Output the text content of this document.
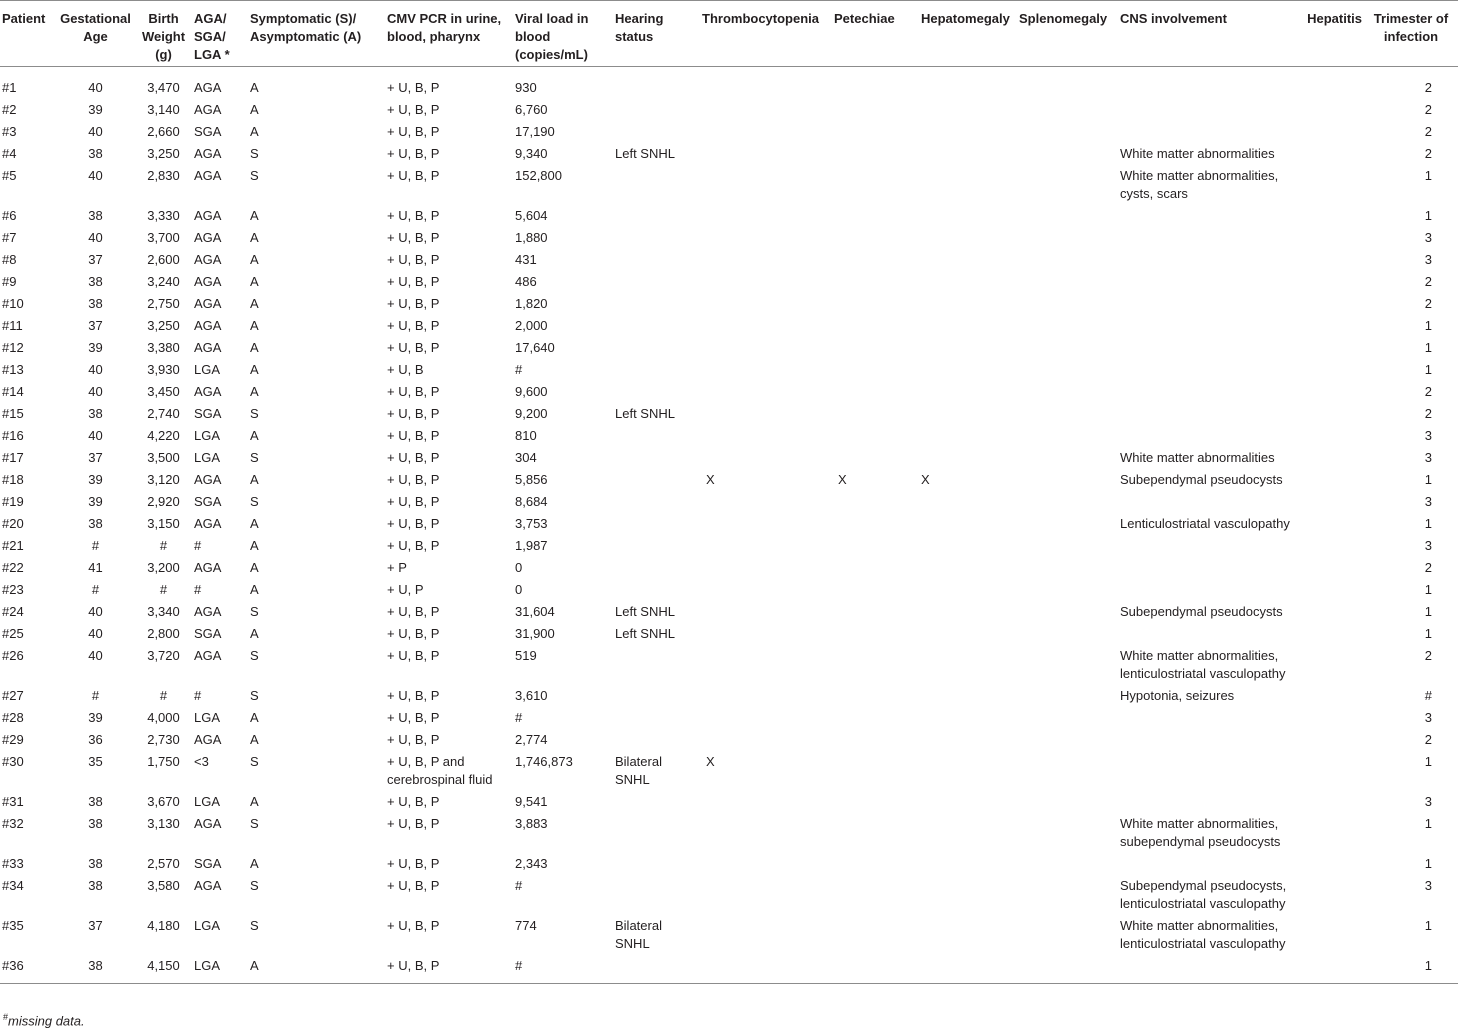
Patient	Gestational Age	Birth Weight (g)	AGA/ SGA/ LGA *	Symptomatic (S)/ Asymptomatic (A)	CMV PCR in urine, blood, pharynx	Viral load in blood (copies/mL)	Hearing status	Thrombocytopenia	Petechiae	Hepatomegaly	Splenomegaly	CNS involvement	Hepatitis	Trimester of infection
#1	40	3,470	AGA	A	+ U, B, P	930								2
#2	39	3,140	AGA	A	+ U, B, P	6,760								2
#3	40	2,660	SGA	A	+ U, B, P	17,190								2
#4	38	3,250	AGA	S	+ U, B, P	9,340	Left SNHL					White matter abnormalities		2
#5	40	2,830	AGA	S	+ U, B, P	152,800						White matter abnormalities,
cysts, scars		1
#6	38	3,330	AGA	A	+ U, B, P	5,604								1
#7	40	3,700	AGA	A	+ U, B, P	1,880								3
#8	37	2,600	AGA	A	+ U, B, P	431								3
#9	38	3,240	AGA	A	+ U, B, P	486								2
#10	38	2,750	AGA	A	+ U, B, P	1,820								2
#11	37	3,250	AGA	A	+ U, B, P	2,000								1
#12	39	3,380	AGA	A	+ U, B, P	17,640								1
#13	40	3,930	LGA	A	+ U, B	#								1
#14	40	3,450	AGA	A	+ U, B, P	9,600								2
#15	38	2,740	SGA	S	+ U, B, P	9,200	Left SNHL							2
#16	40	4,220	LGA	A	+ U, B, P	810								3
#17	37	3,500	LGA	S	+ U, B, P	304						White matter abnormalities		3
#18	39	3,120	AGA	A	+ U, B, P	5,856		X	X	X		Subependymal pseudocysts		1
#19	39	2,920	SGA	S	+ U, B, P	8,684								3
#20	38	3,150	AGA	A	+ U, B, P	3,753						Lenticulostriatal vasculopathy		1
#21	#	#	#	A	+ U, B, P	1,987								3
#22	41	3,200	AGA	A	+ P	0								2
#23	#	#	#	A	+ U, P	0								1
#24	40	3,340	AGA	S	+ U, B, P	31,604	Left SNHL					Subependymal pseudocysts		1
#25	40	2,800	SGA	A	+ U, B, P	31,900	Left SNHL							1
#26	40	3,720	AGA	S	+ U, B, P	519						White matter abnormalities,
lenticulostriatal vasculopathy		2
#27	#	#	#	S	+ U, B, P	3,610						Hypotonia, seizures		#
#28	39	4,000	LGA	A	+ U, B, P	#								3
#29	36	2,730	AGA	A	+ U, B, P	2,774								2
#30	35	1,750	<3	S	+ U, B, P and
cerebrospinal fluid	1,746,873	Bilateral
SNHL	X						1
#31	38	3,670	LGA	A	+ U, B, P	9,541								3
#32	38	3,130	AGA	S	+ U, B, P	3,883						White matter abnormalities,
subependymal pseudocysts		1
#33	38	2,570	SGA	A	+ U, B, P	2,343								1
#34	38	3,580	AGA	S	+ U, B, P	#						Subependymal pseudocysts,
lenticulostriatal vasculopathy		3
#35	37	4,180	LGA	S	+ U, B, P	774	Bilateral
SNHL					White matter abnormalities,
lenticulostriatal vasculopathy		1
#36	38	4,150	LGA	A	+ U, B, P	#								1
#missing data.
